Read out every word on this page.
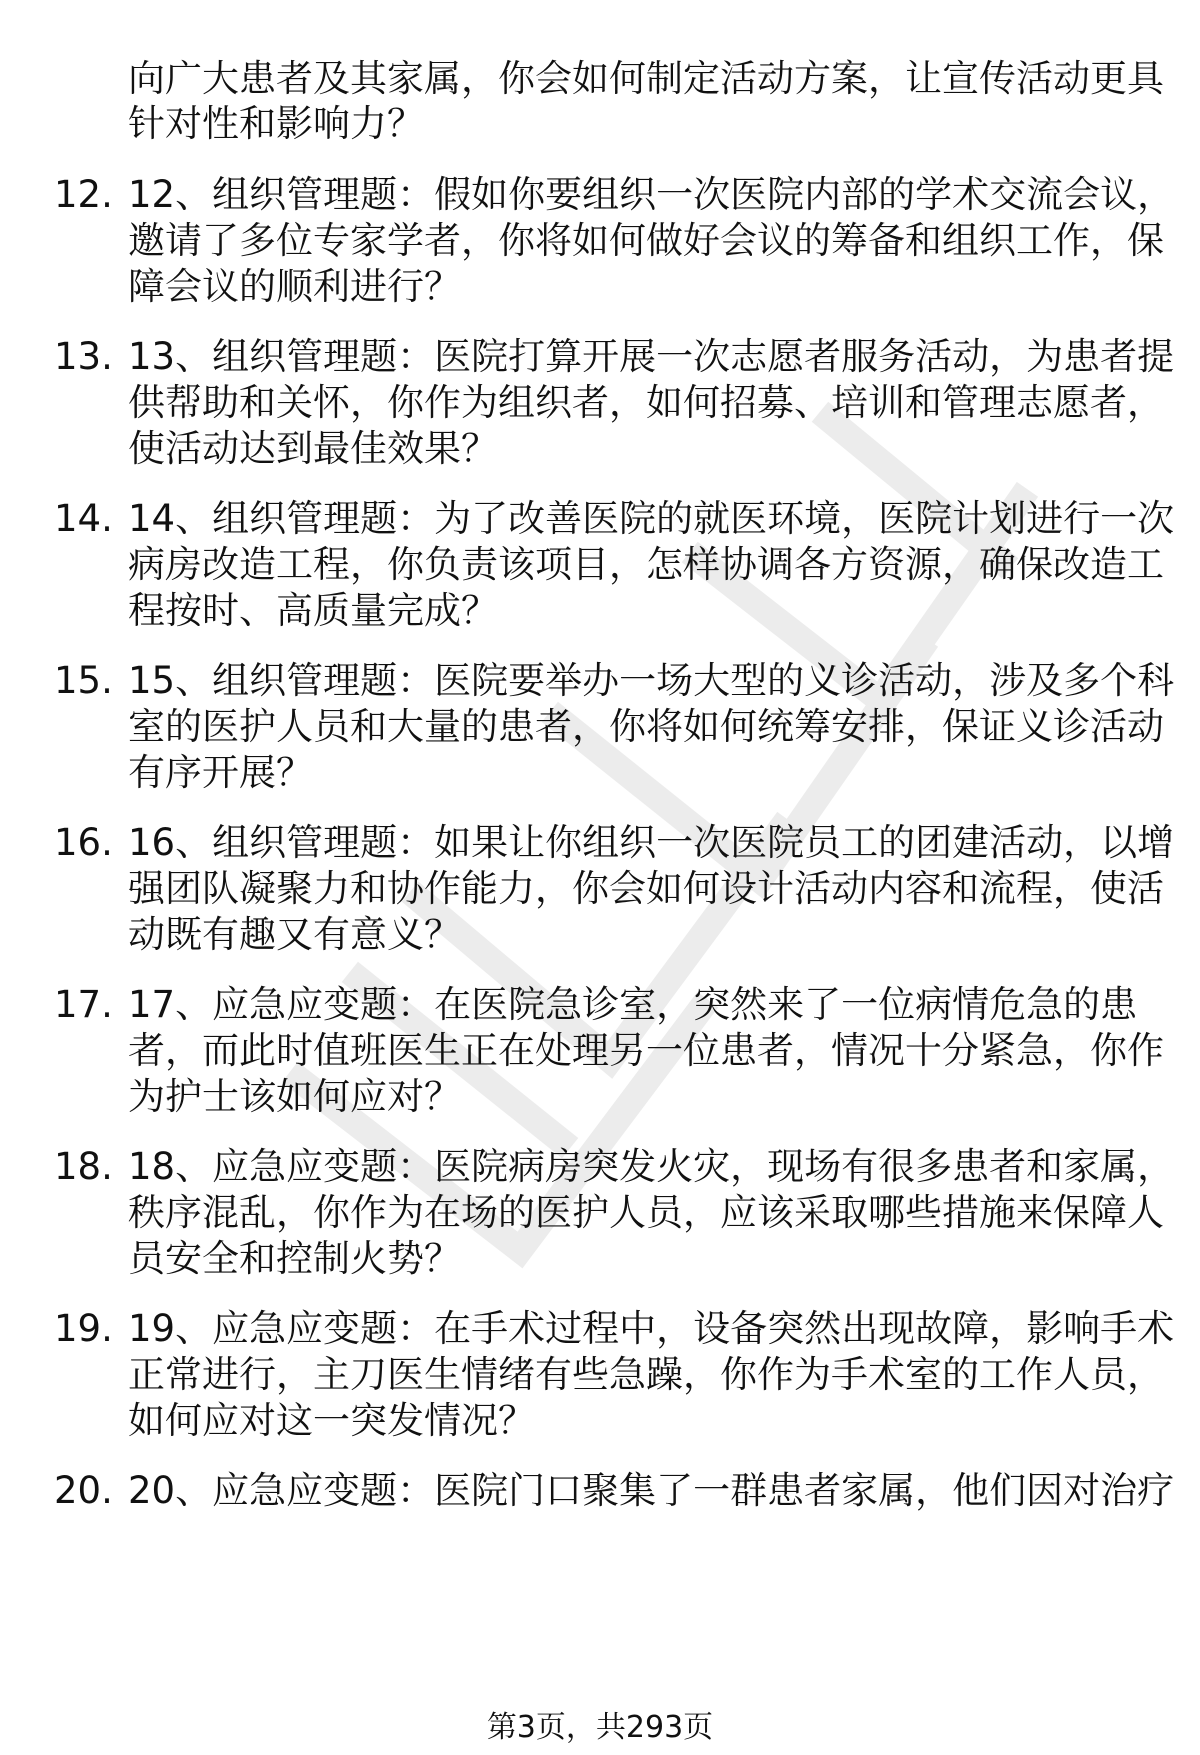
向广大患者及其家属，你会如何制定活动方案，让宣传活动更具
针对性和影响力？
12. 12、组织管理题：假如你要组织一次医院内部的学术交流会议，
邀请了多位专家学者，你将如何做好会议的筹备和组织工作，保
障会议的顺利进行？
13. 13、组织管理题：医院打算开展一次志愿者服务活动，为患者提
供帮助和关怀，你作为组织者，如何招募、培训和管理志愿者，
使活动达到最佳效果？
14. 14、组织管理题：为了改善医院的就医环境，医院计划进行一次
病房改造工程，你负责该项目，怎样协调各方资源，确保改造工
程按时、高质量完成？
15. 15、组织管理题：医院要举办一场大型的义诊活动，涉及多个科
室的医护人员和大量的患者，你将如何统筹安排，保证义诊活动
有序开展？
16. 16、组织管理题：如果让你组织一次医院员工的团建活动，以增
强团队凝聚力和协作能力，你会如何设计活动内容和流程，使活
动既有趣又有意义？
17. 17、应急应变题：在医院急诊室，突然来了一位病情危急的患
者，而此时值班医生正在处理另一位患者，情况十分紧急，你作
为护士该如何应对？
18. 18、应急应变题：医院病房突发火灾，现场有很多患者和家属，
秩序混乱，你作为在场的医护人员，应该采取哪些措施来保障人
员安全和控制火势？
19. 19、应急应变题：在手术过程中，设备突然出现故障，影响手术
正常进行，主刀医生情绪有些急躁，你作为手术室的工作人员，
如何应对这一突发情况？
20. 20、应急应变题：医院门口聚集了一群患者家属，他们因对治疗
第3页，共293页
